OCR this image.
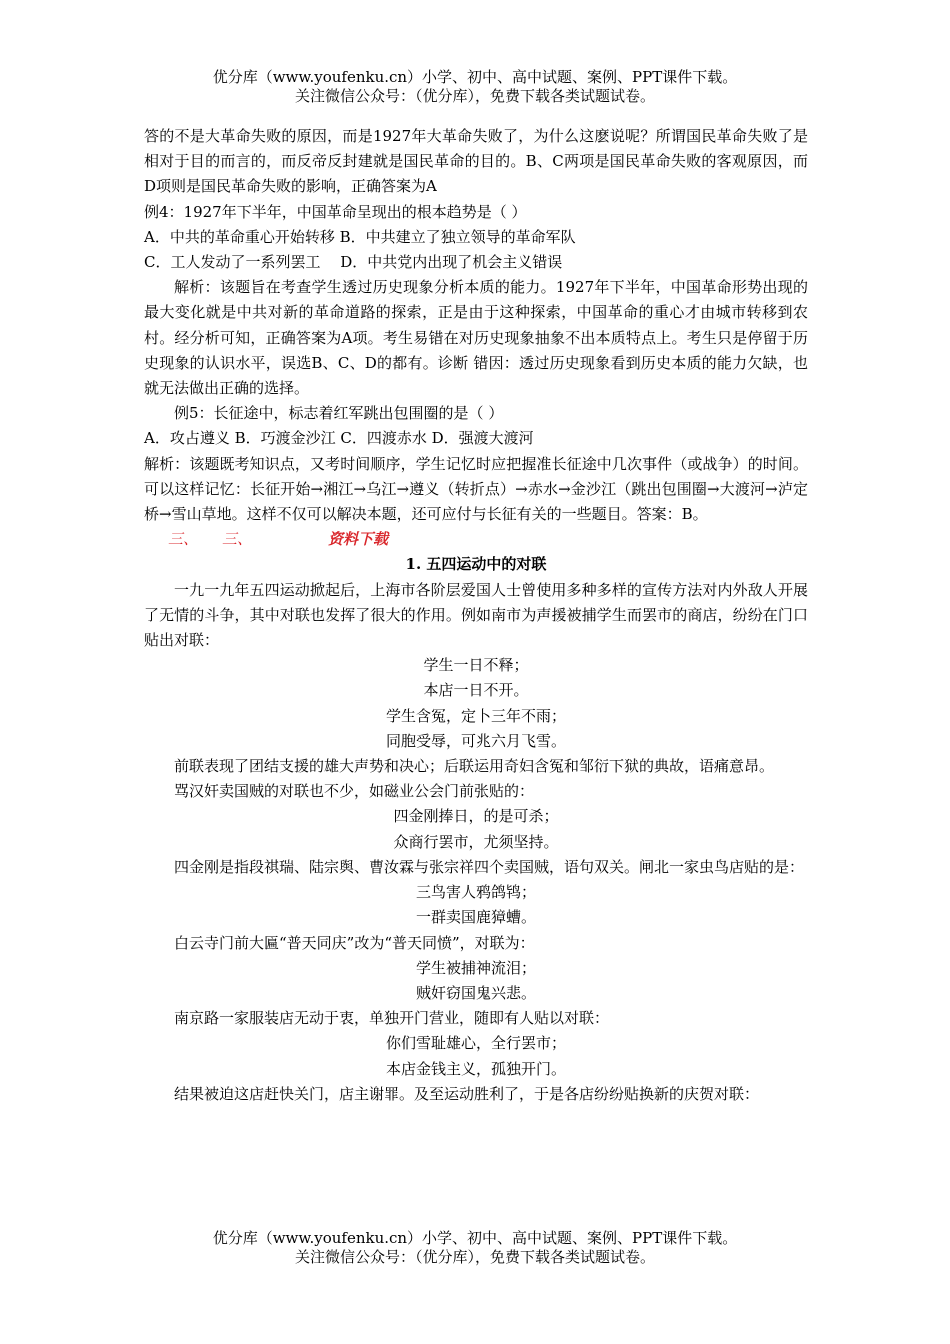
优分库（www.youfenku.cn）小学、初中、高中试题、案例、PPT课件下载。
关注微信公众号：（优分库），免费下载各类试题试卷。

答的不是大革命失败的原因，而是1927年大革命失败了，为什么这麽说呢？所谓国民革命失败了是相对于目的而言的，而反帝反封建就是国民革命的目的。B、C两项是国民革命失败的客观原因，而D项则是国民革命失败的影响，正确答案为A

例4：1927年下半年，中国革命呈现出的根本趋势是（ ）

A．中共的革命重心开始转移 B．中共建立了独立领导的革命军队

C．工人发动了一系列罢工　 D．中共党内出现了机会主义错误

解析：该题旨在考查学生透过历史现象分析本质的能力。1927年下半年，中国革命形势出现的最大变化就是中共对新的革命道路的探索，正是由于这种探索，中国革命的重心才由城市转移到农村。经分析可知，正确答案为A项。考生易错在对历史现象抽象不出本质特点上。考生只是停留于历史现象的认识水平，误选B、C、D的都有。诊断 错因：透过历史现象看到历史本质的能力欠缺，也就无法做出正确的选择。

例5：长征途中，标志着红军跳出包围圈的是（ ）

A．攻占遵义 B．巧渡金沙江 C．四渡赤水 D．强渡大渡河

解析：该题既考知识点，又考时间顺序，学生记忆时应把握准长征途中几次事件（或战争）的时间。可以这样记忆：长征开始→湘江→乌江→遵义（转折点）→赤水→金沙江（跳出包围圈→大渡河→泸定桥→雪山草地。这样不仅可以解决本题，还可应付与长征有关的一些题目。答案：B。

三、 三、	资料下载

1. 五四运动中的对联

一九一九年五四运动掀起后，上海市各阶层爱国人士曾使用多种多样的宣传方法对内外敌人开展了无情的斗争，其中对联也发挥了很大的作用。例如南市为声援被捕学生而罢市的商店，纷纷在门口贴出对联：

学生一日不释；

本店一日不开。

学生含冤，定卜三年不雨；

同胞受辱，可兆六月飞雪。

前联表现了团结支援的雄大声势和决心；后联运用奇妇含冤和邹衍下狱的典故，语痛意昂。

骂汉奸卖国贼的对联也不少，如磁业公会门前张贴的：

四金刚捧日，的是可杀；

众商行罢市，尤须坚持。

四金刚是指段祺瑞、陆宗舆、曹汝霖与张宗祥四个卖国贼，语句双关。闸北一家虫鸟店贴的是：

三鸟害人鸦鸽鸨；

一群卖国鹿獐螬。

白云寺门前大匾“普天同庆”改为“普天同愤”，对联为：

学生被捕神流泪；

贼奸窃国鬼兴悲。

南京路一家服装店无动于衷，单独开门营业，随即有人贴以对联：

你们雪耻雄心，全行罢市；

本店金钱主义，孤独开门。

结果被迫这店赶快关门，店主谢罪。及至运动胜利了，于是各店纷纷贴换新的庆贺对联：

优分库（www.youfenku.cn）小学、初中、高中试题、案例、PPT课件下载。
关注微信公众号：（优分库），免费下载各类试题试卷。
